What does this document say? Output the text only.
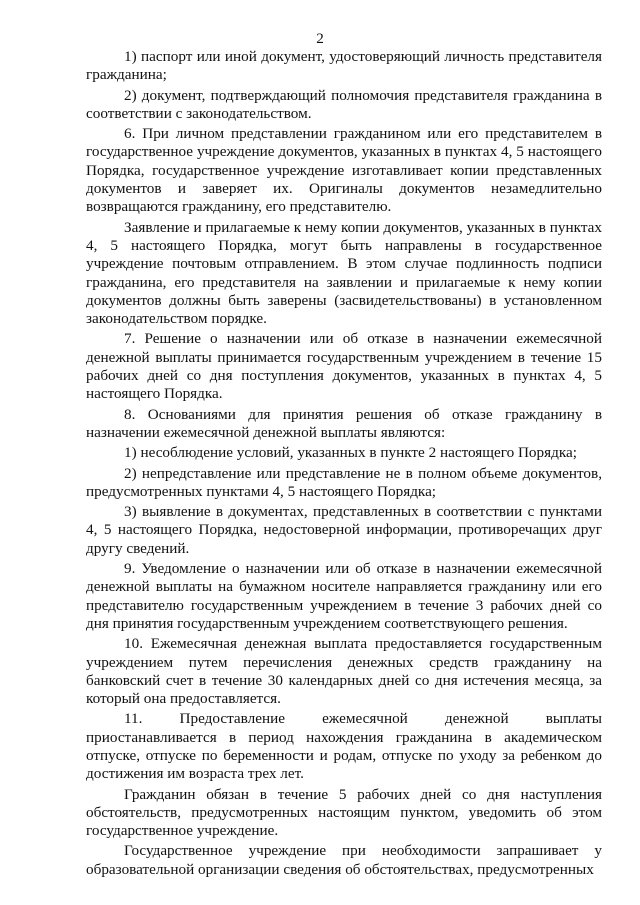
2

1) паспорт или иной документ, удостоверяющий личность представителя гражданина;

2) документ, подтверждающий полномочия представителя гражданина в соответствии с законодательством.

6. При личном представлении гражданином или его представителем в государственное учреждение документов, указанных в пунктах 4, 5 настоящего Порядка, государственное учреждение изготавливает копии представленных документов и заверяет их. Оригиналы документов незамедлительно возвращаются гражданину, его представителю.

Заявление и прилагаемые к нему копии документов, указанных в пунктах 4, 5 настоящего Порядка, могут быть направлены в государственное учреждение почтовым отправлением. В этом случае подлинность подписи гражданина, его представителя на заявлении и прилагаемые к нему копии документов должны быть заверены (засвидетельствованы) в установленном законодательством порядке.

7. Решение о назначении или об отказе в назначении ежемесячной денежной выплаты принимается государственным учреждением в течение 15 рабочих дней со дня поступления документов, указанных в пунктах 4, 5 настоящего Порядка.

8. Основаниями для принятия решения об отказе гражданину в назначении ежемесячной денежной выплаты являются:

1) несоблюдение условий, указанных в пункте 2 настоящего Порядка;

2) непредставление или представление не в полном объеме документов, предусмотренных пунктами 4, 5 настоящего Порядка;

3) выявление в документах, представленных в соответствии с пунктами 4, 5 настоящего Порядка, недостоверной информации, противоречащих друг другу сведений.

9. Уведомление о назначении или об отказе в назначении ежемесячной денежной выплаты на бумажном носителе направляется гражданину или его представителю государственным учреждением в течение 3 рабочих дней со дня принятия государственным учреждением соответствующего решения.

10. Ежемесячная денежная выплата предоставляется государственным учреждением путем перечисления денежных средств гражданину на банковский счет в течение 30 календарных дней со дня истечения месяца, за который она предоставляется.

11. Предоставление ежемесячной денежной выплаты приостанавливается в период нахождения гражданина в академическом отпуске, отпуске по беременности и родам, отпуске по уходу за ребенком до достижения им возраста трех лет.

Гражданин обязан в течение 5 рабочих дней со дня наступления обстоятельств, предусмотренных настоящим пунктом, уведомить об этом государственное учреждение.

Государственное учреждение при необходимости запрашивает у образовательной организации сведения об обстоятельствах, предусмотренных
